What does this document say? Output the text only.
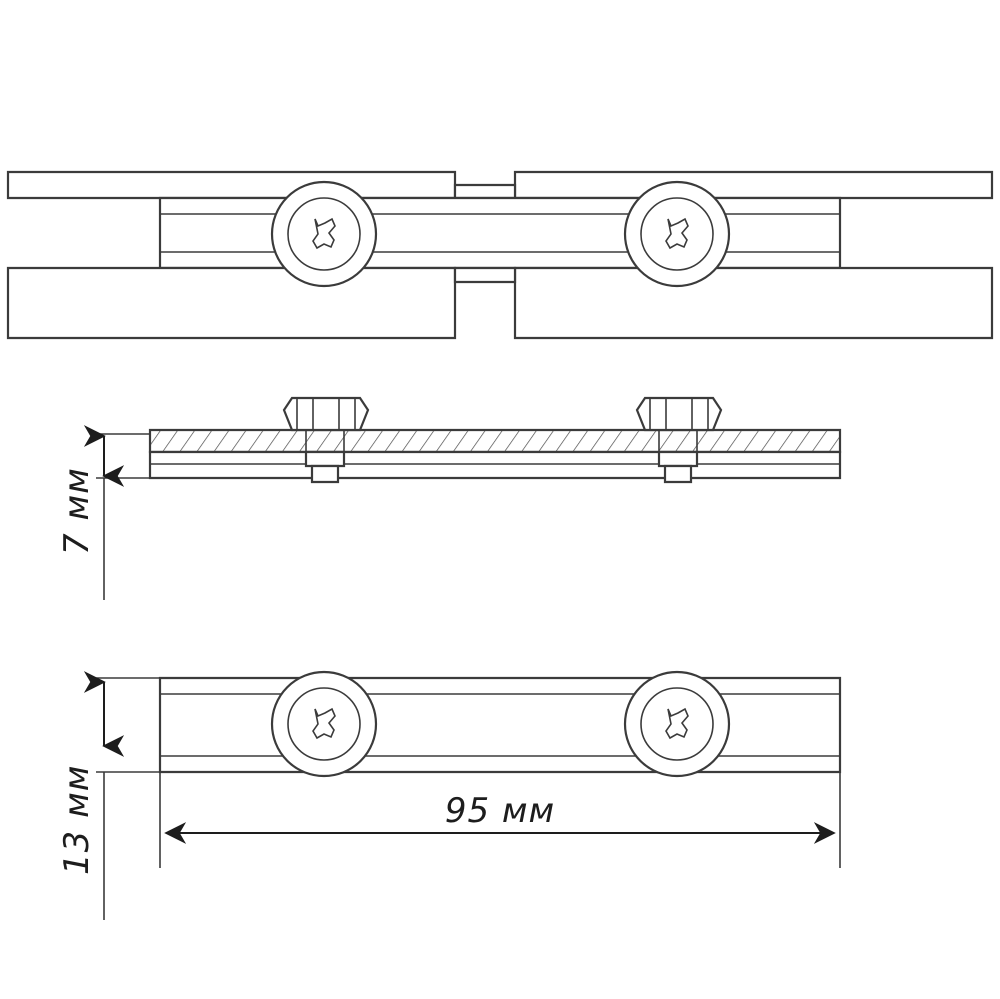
7 мм
13 мм	95 мм
